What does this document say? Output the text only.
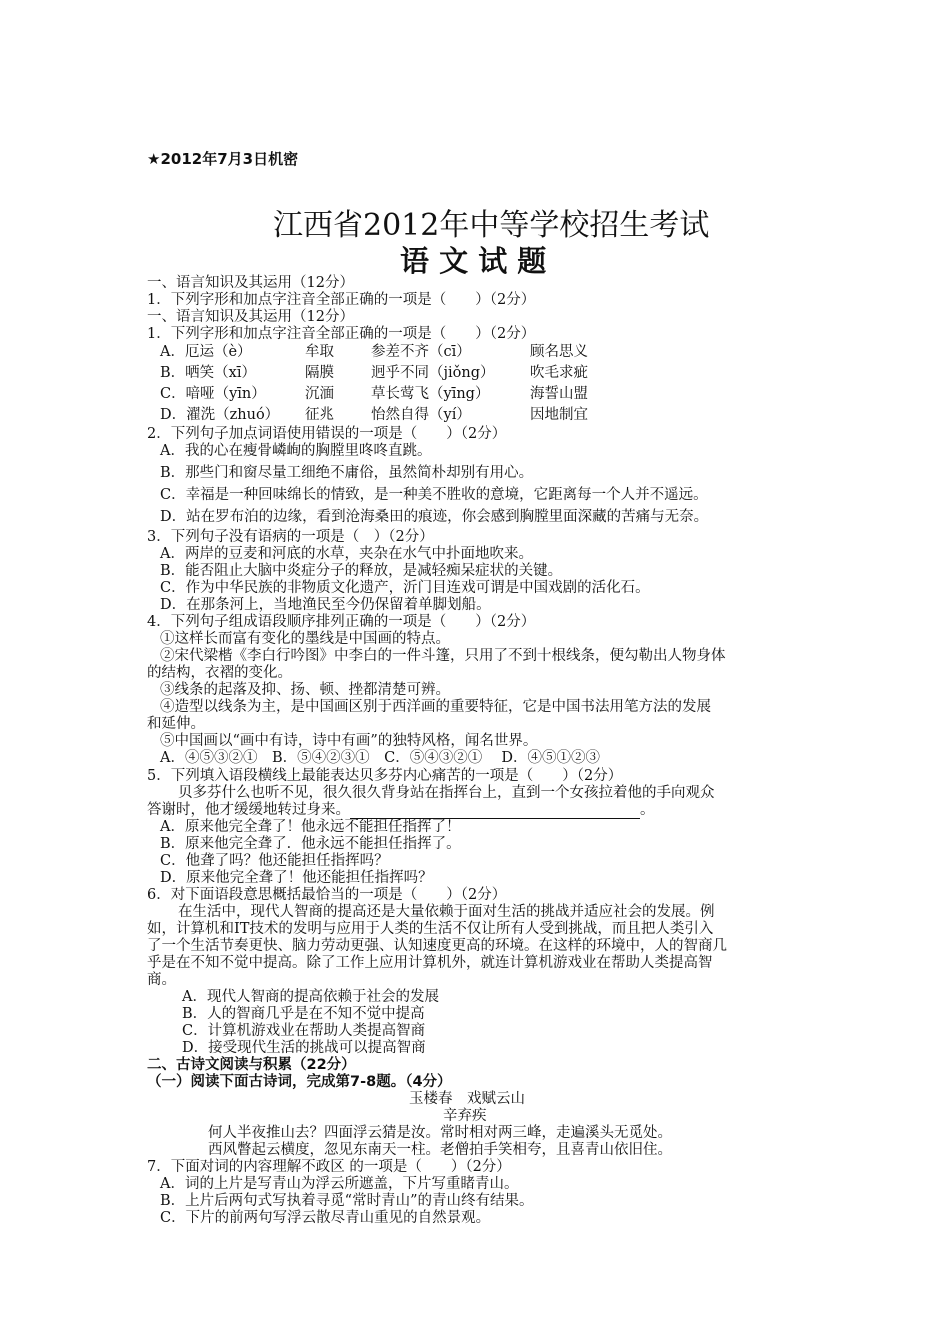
★2012年7月3日机密
江西省2012年中等学校招生考试
语 文 试 题
一、语言知识及其运用（12分）
1．下列字形和加点字注音全部正确的一项是（　　）（2分）
一、语言知识及其运用（12分）
1．下列字形和加点字注音全部正确的一项是（　　）（2分）
A．厄运（è）	牟取	参差不齐（cī）	顾名思义
B．哂笑（xī）	隔膜	迥乎不同（jiǒng） 吹毛求疵
C．喑哑（yīn）	沉湎	草长莺飞（yīng）	海誓山盟
D．濯洗（zhuó） 征兆	怡然自得（yí）	因地制宜
2．下列句子加点词语使用错误的一项是（　　）（2分）
A．我的心在瘦骨嶙峋的胸膛里咚咚直跳。
B．那些门和窗尽量工细绝不庸俗，虽然简朴却别有用心。
C．幸福是一种回味绵长的情致，是一种美不胜收的意境，它距离每一个人并不遥远。
D．站在罗布泊的边缘，看到沧海桑田的痕迹，你会感到胸膛里面深藏的苦痛与无奈。
3．下列句子没有语病的一项是（　）（2分）
A．两岸的豆麦和河底的水草，夹杂在水气中扑面地吹来。
B．能否阻止大脑中炎症分子的释放，是减轻痴呆症状的关键。
C．作为中华民族的非物质文化遗产，沂门目连戏可谓是中国戏剧的活化石。
D．在那条河上，当地渔民至今仍保留着单脚划船。
4．下列句子组成语段顺序排列正确的一项是（　　）（2分）
①这样长而富有变化的墨线是中国画的特点。
②宋代梁楷《李白行吟图》中李白的一件斗篷，只用了不到十根线条，便勾勒出人物身体
的结构，衣褶的变化。
③线条的起落及抑、扬、顿、挫都清楚可辨。
④造型以线条为主，是中国画区别于西洋画的重要特征，它是中国书法用笔方法的发展
和延伸。
⑤中国画以“画中有诗，诗中有画”的独特风格，闻名世界。
A．④⑤③②①　B．⑤④②③①　C．⑤④③②①　 D．④⑤①②③
5．下列填入语段横线上最能表达贝多芬内心痛苦的一项是（　　）（2分）
贝多芬什么也听不见，很久很久背身站在指挥台上，直到一个女孩拉着他的手向观众
答谢时，他才缓缓地转过身来。	。
A．原来他完全聋了！他永远不能担任指挥了！
B．原来他完全聋了．他永远不能担任指挥了。
C．他聋了吗？他还能担任指挥吗？
D．原来他完全聋了！他还能担任指挥吗？
6．对下面语段意思概括最恰当的一项是（　　）（2分）
在生活中，现代人智商的提高还是大量依赖于面对生活的挑战并适应社会的发展。例
如，计算机和IT技术的发明与应用于人类的生活不仅让所有人受到挑战，而且把人类引入
了一个生活节奏更快、脑力劳动更强、认知速度更高的环境。在这样的环境中，人的智商几
乎是在不知不觉中提高。除了工作上应用计算机外，就连计算机游戏业在帮助人类提高智
商。
A．现代人智商的提高依赖于社会的发展
B．人的智商几乎是在不知不觉中提高
C．计算机游戏业在帮助人类提高智商
D．接受现代生活的挑战可以提高智商
二、古诗文阅读与积累（22分）
（一）阅读下面古诗词，完成第7-8题。（4分）
玉楼春　戏赋云山
辛弃疾
何人半夜推山去？四面浮云猜是汝。常时相对两三峰，走遍溪头无觅处。
西风瞥起云横度，忽见东南天一柱。老僧拍手笑相夸，且喜青山依旧住。
7．下面对词的内容理解不政区 的一项是（　　）（2分）
A．词的上片是写青山为浮云所遮盖，下片写重睹青山。
B．上片后两句式写执着寻觅“常时青山”的青山终有结果。
C．下片的前两句写浮云散尽青山重见的自然景观。
